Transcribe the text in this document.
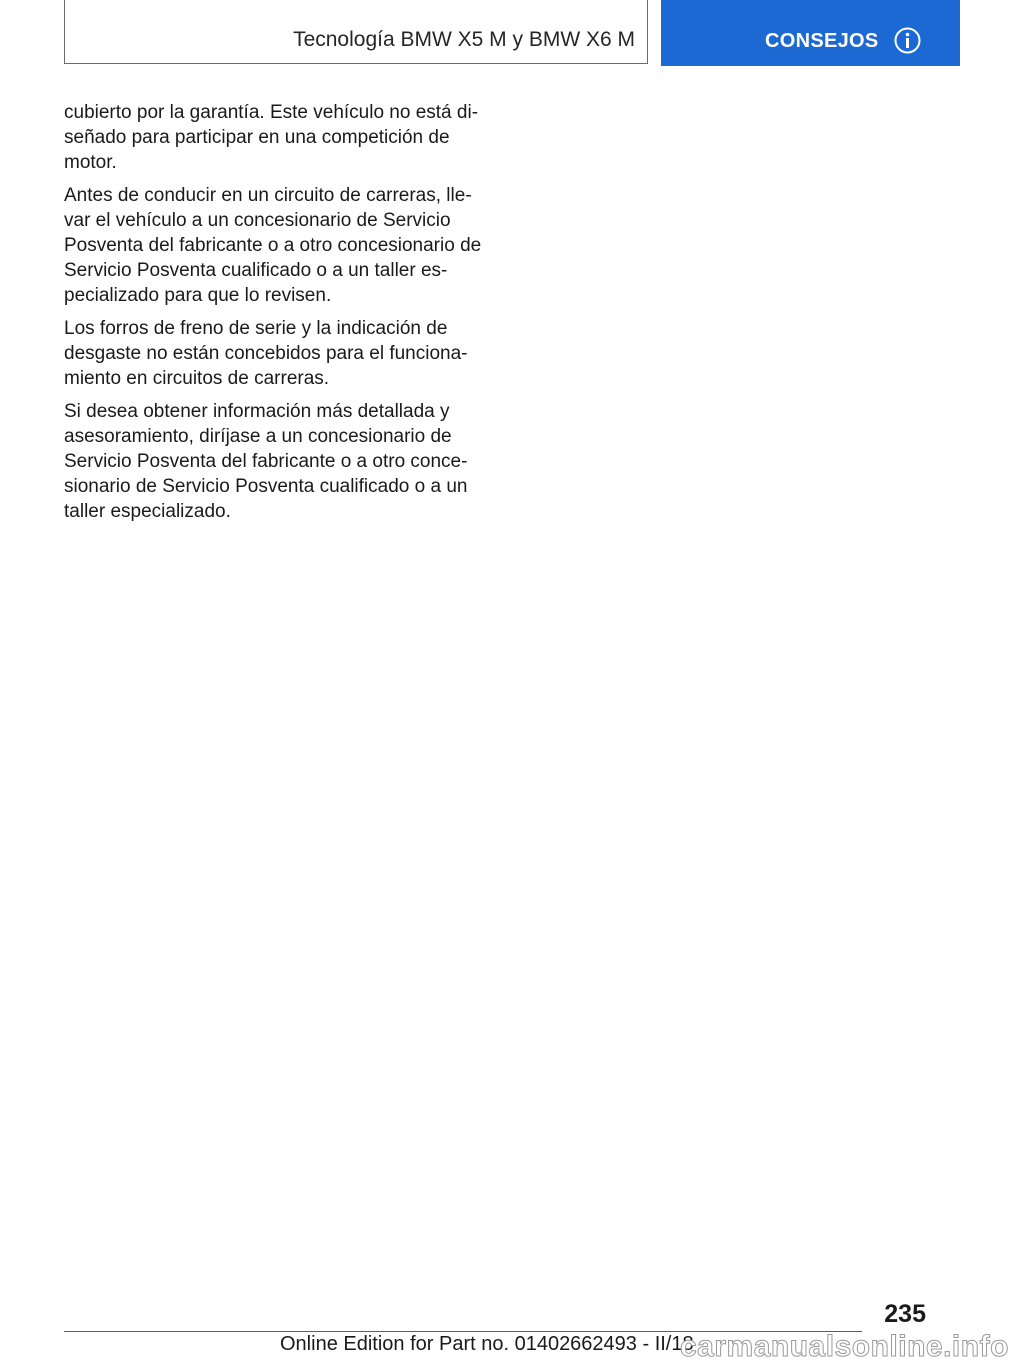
Tecnología BMW X5 M y BMW X6 M	CONSEJOS

cubierto por la garantía. Este vehículo no está di‐ señado para participar en una competición de motor.

Antes de conducir en un circuito de carreras, lle‐ var el vehículo a un concesionario de Servicio Posventa del fabricante o a otro concesionario de Servicio Posventa cualificado o a un taller es‐ pecializado para que lo revisen.

Los forros de freno de serie y la indicación de desgaste no están concebidos para el funciona‐ miento en circuitos de carreras.

Si desea obtener información más detallada y asesoramiento, diríjase a un concesionario de Servicio Posventa del fabricante o a otro conce‐ sionario de Servicio Posventa cualificado o a un taller especializado.

235
Online Edition for Part no. 01402662493 - II/18
carmanualsonline.info
